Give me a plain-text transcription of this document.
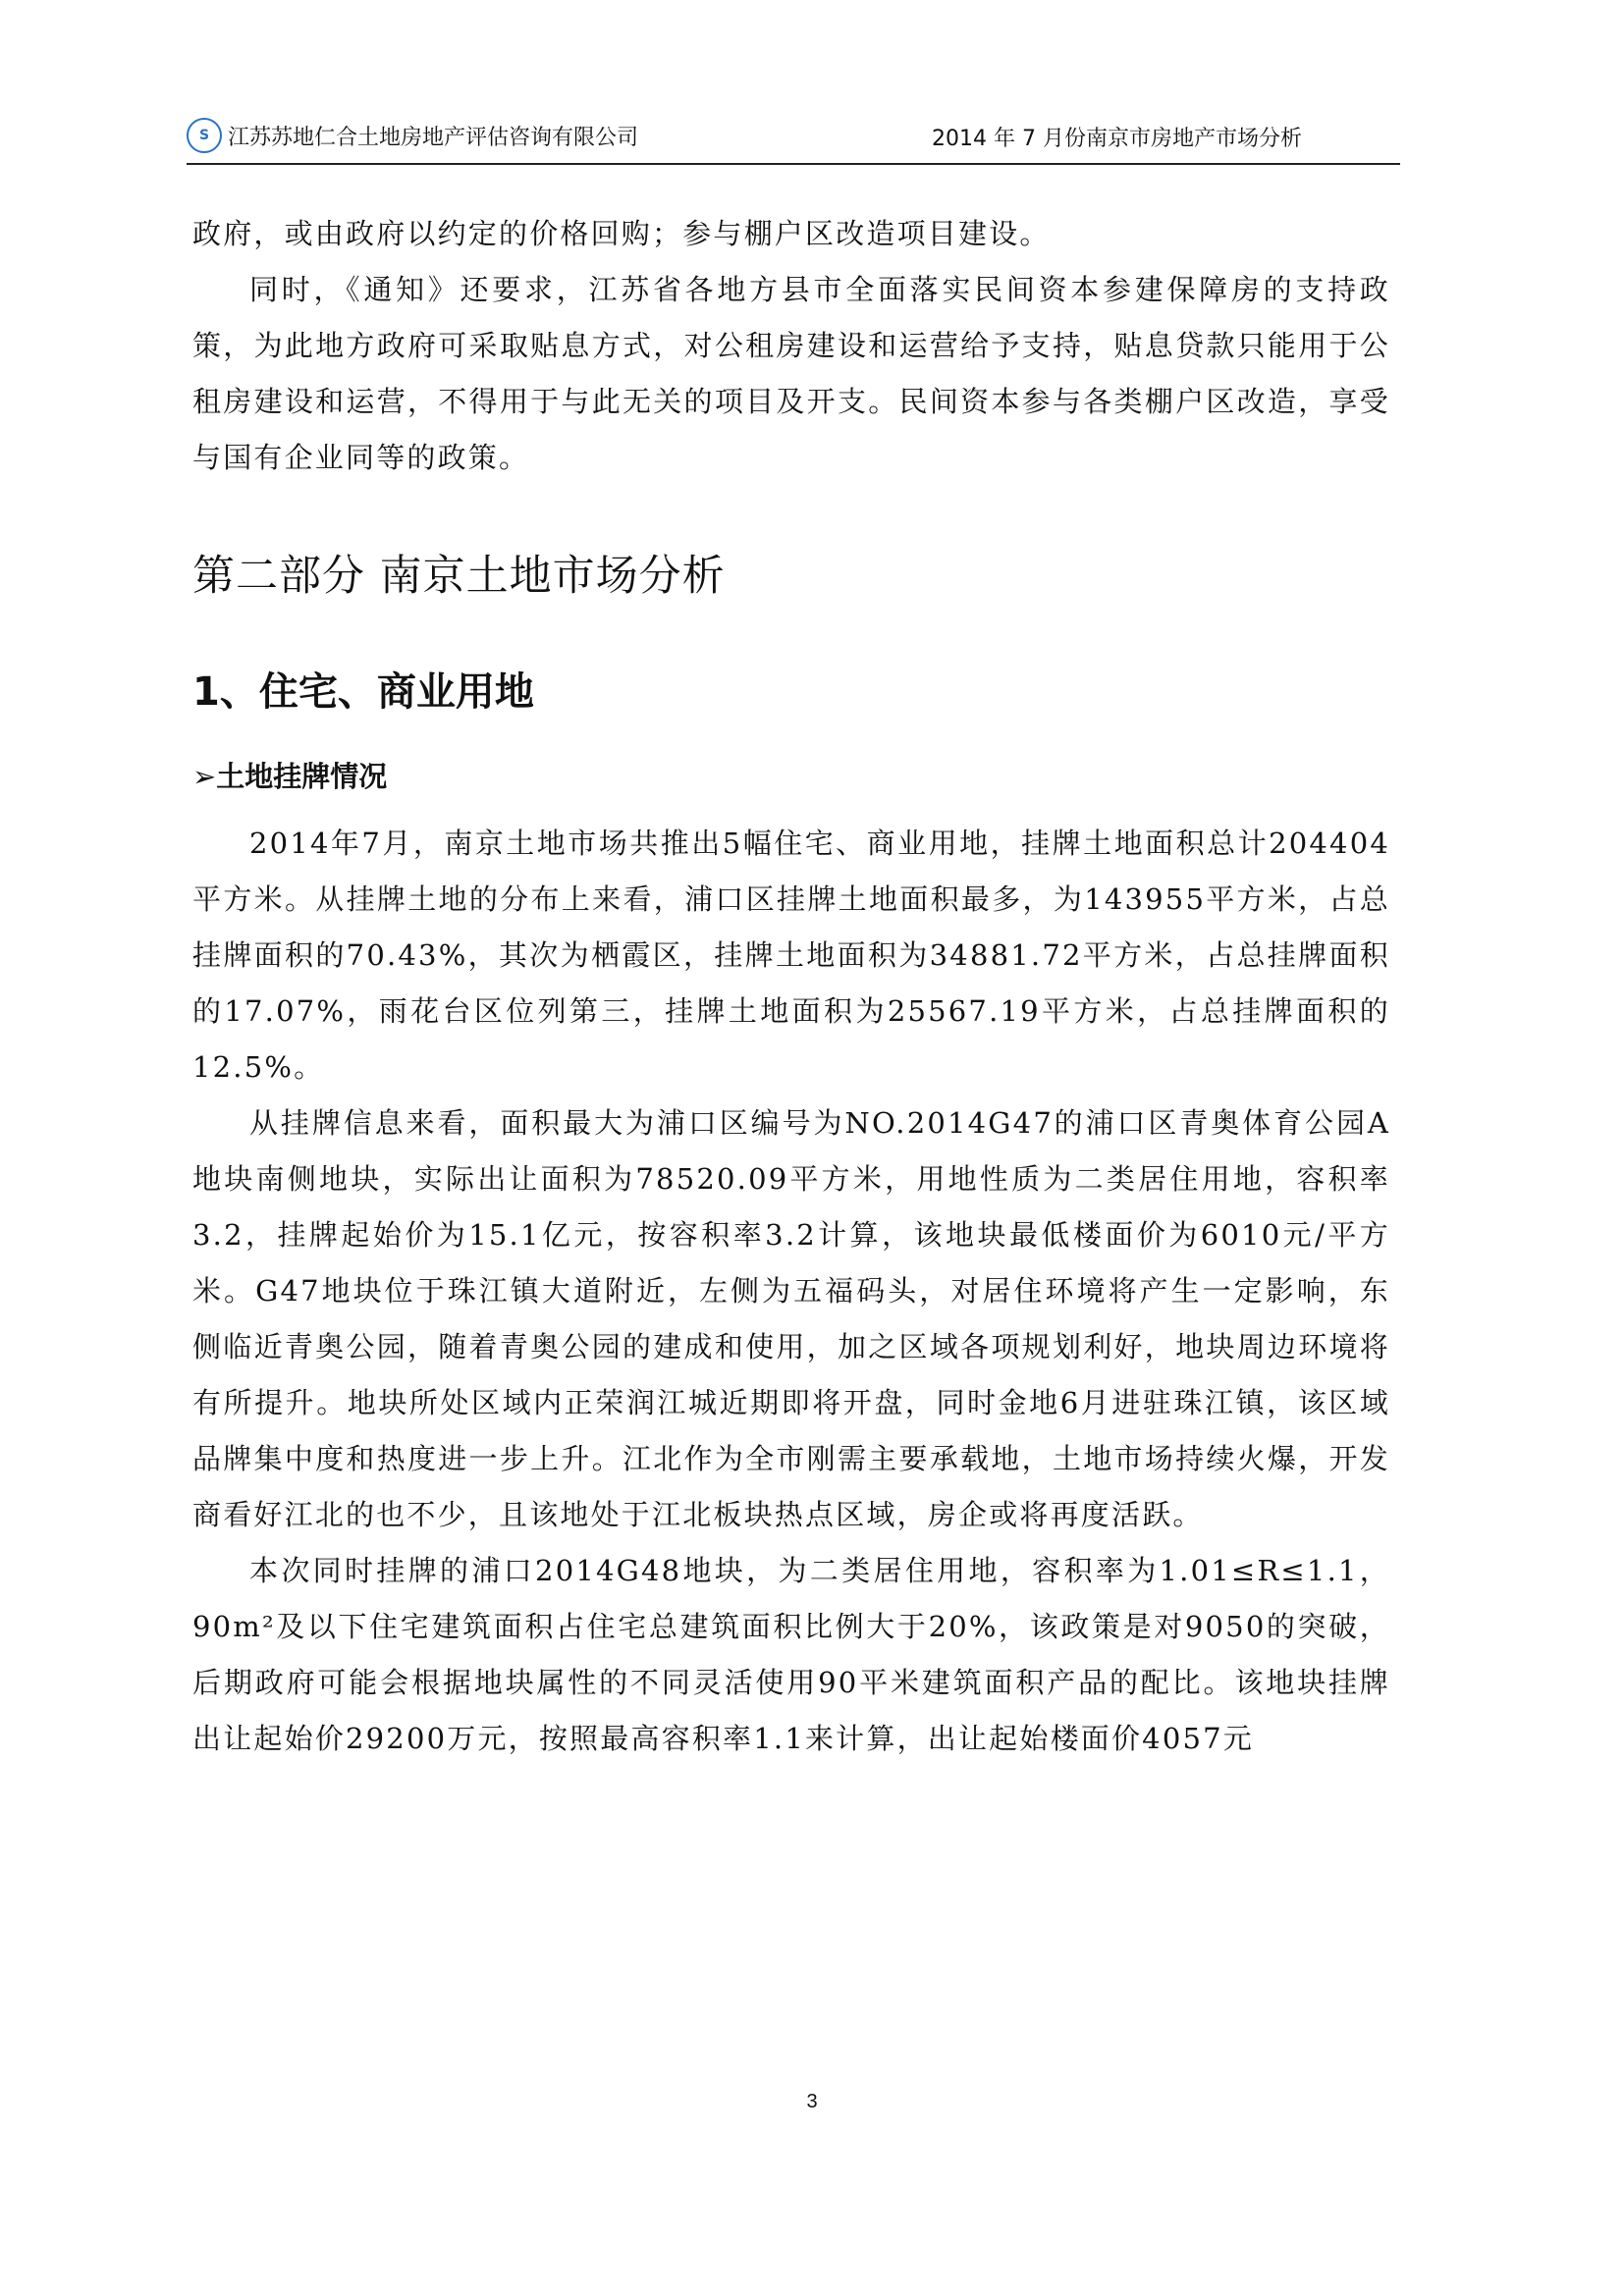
S 江苏苏地仁合土地房地产评估咨询有限公司	2014 年 7 月份南京市房地产市场分析

政府，或由政府以约定的价格回购；参与棚户区改造项目建设。

同时，《通知》还要求，江苏省各地方县市全面落实民间资本参建保障房的支持政策，为此地方政府可采取贴息方式，对公租房建设和运营给予支持，贴息贷款只能用于公租房建设和运营，不得用于与此无关的项目及开支。民间资本参与各类棚户区改造，享受与国有企业同等的政策。

第二部分 南京土地市场分析
1、住宅、商业用地
➢土地挂牌情况

2014年7月，南京土地市场共推出5幅住宅、商业用地，挂牌土地面积总计204404平方米。从挂牌土地的分布上来看，浦口区挂牌土地面积最多，为143955平方米，占总挂牌面积的70.43%，其次为栖霞区，挂牌土地面积为34881.72平方米，占总挂牌面积的17.07%，雨花台区位列第三，挂牌土地面积为25567.19平方米，占总挂牌面积的12.5%。

从挂牌信息来看，面积最大为浦口区编号为NO.2014G47的浦口区青奥体育公园A地块南侧地块，实际出让面积为78520.09平方米，用地性质为二类居住用地，容积率3.2，挂牌起始价为15.1亿元，按容积率3.2计算，该地块最低楼面价为6010元/平方米。G47地块位于珠江镇大道附近，左侧为五福码头，对居住环境将产生一定影响，东侧临近青奥公园，随着青奥公园的建成和使用，加之区域各项规划利好，地块周边环境将有所提升。地块所处区域内正荣润江城近期即将开盘，同时金地6月进驻珠江镇，该区域品牌集中度和热度进一步上升。江北作为全市刚需主要承载地，土地市场持续火爆，开发商看好江北的也不少，且该地处于江北板块热点区域，房企或将再度活跃。

本次同时挂牌的浦口2014G48地块，为二类居住用地，容积率为1.01≤R≤1.1，90m²及以下住宅建筑面积占住宅总建筑面积比例大于20%，该政策是对9050的突破，后期政府可能会根据地块属性的不同灵活使用90平米建筑面积产品的配比。该地块挂牌出让起始价29200万元，按照最高容积率1.1来计算，出让起始楼面价4057元

3
